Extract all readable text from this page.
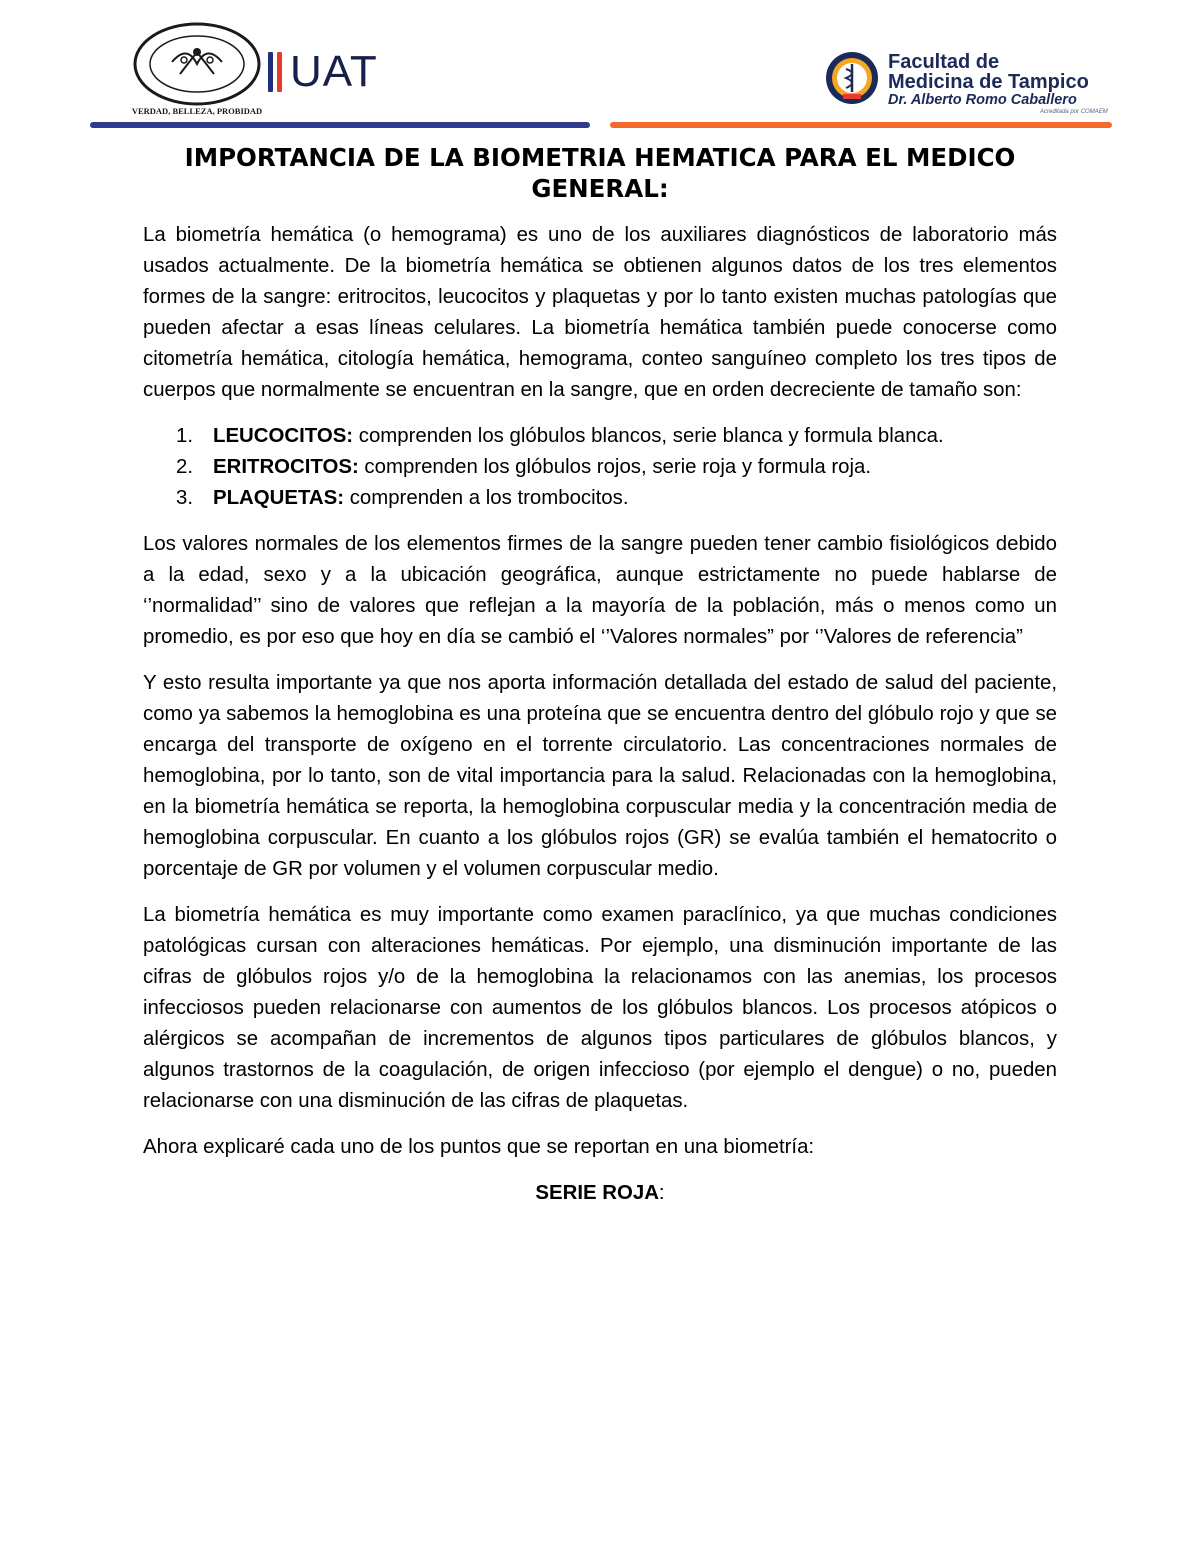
VERDAD, BELLEZA, PROBIDAD
UAT	Facultad de
Medicina de Tampico
Dr. Alberto Romo Caballero
Acreditada por COMAEM
IMPORTANCIA DE LA BIOMETRIA HEMATICA PARA EL MEDICO GENERAL:

La biometría hemática (o hemograma) es uno de los auxiliares diagnósticos de laboratorio más usados actualmente. De la biometría hemática se obtienen algunos datos de los tres elementos formes de la sangre: eritrocitos, leucocitos y plaquetas y por lo tanto existen muchas patologías que pueden afectar a esas líneas celulares. La biometría hemática también puede conocerse como citometría hemática, citología hemática, hemograma, conteo sanguíneo completo los tres tipos de cuerpos que normalmente se encuentran en la sangre, que en orden decreciente de tamaño son:

1. LEUCOCITOS: comprenden los glóbulos blancos, serie blanca y formula blanca.
2. ERITROCITOS: comprenden los glóbulos rojos, serie roja y formula roja.
3. PLAQUETAS: comprenden a los trombocitos.

Los valores normales de los elementos firmes de la sangre pueden tener cambio fisiológicos debido a la edad, sexo y a la ubicación geográfica, aunque estrictamente no puede hablarse de ‘’normalidad’’ sino de valores que reflejan a la mayoría de la población, más o menos como un promedio, es por eso que hoy en día se cambió el ‘’Valores normales” por ‘’Valores de referencia”

Y esto resulta importante ya que nos aporta información detallada del estado de salud del paciente, como ya sabemos la hemoglobina es una proteína que se encuentra dentro del glóbulo rojo y que se encarga del transporte de oxígeno en el torrente circulatorio. Las concentraciones normales de hemoglobina, por lo tanto, son de vital importancia para la salud. Relacionadas con la hemoglobina, en la biometría hemática se reporta, la hemoglobina corpuscular media y la concentración media de hemoglobina corpuscular. En cuanto a los glóbulos rojos (GR) se evalúa también el hematocrito o porcentaje de GR por volumen y el volumen corpuscular medio.

La biometría hemática es muy importante como examen paraclínico, ya que muchas condiciones patológicas cursan con alteraciones hemáticas. Por ejemplo, una disminución importante de las cifras de glóbulos rojos y/o de la hemoglobina la relacionamos con las anemias, los procesos infecciosos pueden relacionarse con aumentos de los glóbulos blancos. Los procesos atópicos o alérgicos se acompañan de incrementos de algunos tipos particulares de glóbulos blancos, y algunos trastornos de la coagulación, de origen infeccioso (por ejemplo el dengue) o no, pueden relacionarse con una disminución de las cifras de plaquetas.

Ahora explicaré cada uno de los puntos que se reportan en una biometría:

SERIE ROJA:
